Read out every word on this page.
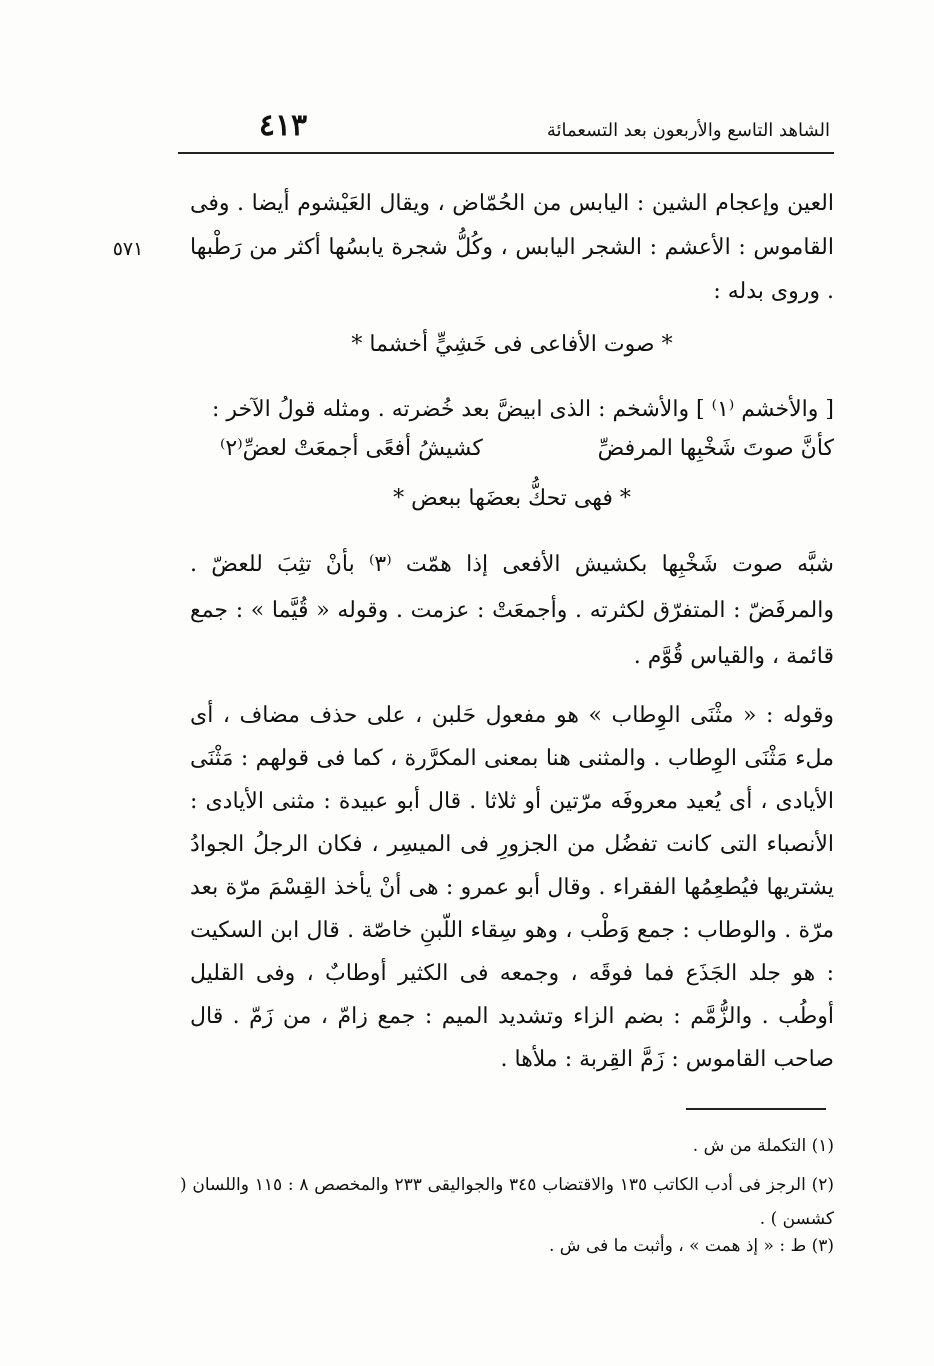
الشاهد التاسع والأربعون بعد التسعمائة
٤١٣
٥٧١
العين وإعجام الشين : اليابس من الحُمّاض ، ويقال العَيْشوم أيضا . وفى القاموس : الأعشم : الشجر اليابس ، وكُلُّ شجرة يابسُها أكثر من رَطْبها . وروى بدله :
* صوت الأفاعى فى خَشِيٍّ أخشما *
[ والأخشم ⁽١⁾ ] والأشخم : الذى ابيضَّ بعد خُضرته . ومثله قولُ الآخر :
كأنَّ صوتَ شَخْبِها المرفضِّ
كشيشُ أفعًى أجمعَتْ لعضِّ⁽٢⁾
* فهى تحكُّ بعضَها ببعض *
شبَّه صوت شَخْبِها بكشيش الأفعى إذا همّت ⁽٣⁾ بأنْ تثِبَ للعضّ . والمرفَضّ : المتفرّق لكثرته . وأجمعَتْ : عزمت . وقوله « قُيَّما » : جمع قائمة ، والقياس قُوَّم .
وقوله : « مثْنَى الوِطاب » هو مفعول حَلبن ، على حذف مضاف ، أى ملء مَثْنَى الوِطاب . والمثنى هنا بمعنى المكرَّرة ، كما فى قولهم : مَثْنَى الأيادى ، أى يُعيد معروفَه مرّتين أو ثلاثا . قال أبو عبيدة : مثنى الأيادى : الأنصباء التى كانت تفضُل من الجزورِ فى الميسِر ، فكان الرجلُ الجوادُ يشتريها فيُطعِمُها الفقراء . وقال أبو عمرو : هى أنْ يأخذ القِسْمَ مرّة بعد مرّة . والوطاب : جمع وَطْب ، وهو سِقاء اللّبنِ خاصّة . قال ابن السكيت : هو جلد الجَذَع فما فوقَه ، وجمعه فى الكثير أوطابٌ ، وفى القليل أوطُب . والزُّمَّم : بضم الزاء وتشديد الميم : جمع زامّ ، من زَمّ . قال صاحب القاموس : زَمَّ القِربة : ملأها .
(١) التكملة من ش .
(٢) الرجز فى أدب الكاتب ١٣٥ والاقتضاب ٣٤٥ والجواليقى ٢٣٣ والمخصص ٨ : ١١٥ واللسان ( كشسن ) .
(٣) ط : « إذ همت » ، وأثبت ما فى ش .
